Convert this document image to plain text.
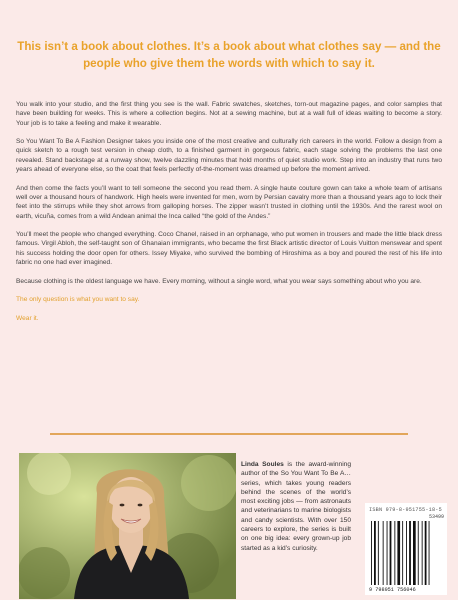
This isn’t a book about clothes. It’s a book about what clothes say — and the people who give them the words with which to say it.

You walk into your studio, and the first thing you see is the wall. Fabric swatches, sketches, torn-out magazine pages, and color samples that have been building for weeks. This is where a collection begins. Not at a sewing machine, but at a wall full of ideas waiting to become a story. Your job is to take a feeling and make it wearable.

So You Want To Be A Fashion Designer takes you inside one of the most creative and culturally rich careers in the world. Follow a design from a quick sketch to a rough test version in cheap cloth, to a finished garment in gorgeous fabric, each stage solving the problems the last one revealed. Stand backstage at a runway show, twelve dazzling minutes that hold months of quiet studio work. Step into an industry that runs two years ahead of everyone else, so the coat that feels perfectly of-the-moment was dreamed up before the moment arrived.

And then come the facts you’ll want to tell someone the second you read them. A single haute couture gown can take a whole team of artisans well over a thousand hours of handwork. High heels were invented for men, worn by Persian cavalry more than a thousand years ago to lock their feet into the stirrups while they shot arrows from galloping horses. The zipper wasn’t trusted in clothing until the 1930s. And the rarest wool on earth, vicuña, comes from a wild Andean animal the Inca called “the gold of the Andes.”

You’ll meet the people who changed everything. Coco Chanel, raised in an orphanage, who put women in trousers and made the little black dress famous. Virgil Abloh, the self-taught son of Ghanaian immigrants, who became the first Black artistic director of Louis Vuitton menswear and spent his success holding the door open for others. Issey Miyake, who survived the bombing of Hiroshima as a boy and poured the rest of his life into fabric no one had ever imagined.

Because clothing is the oldest language we have. Every morning, without a single word, what you wear says something about who you are.

The only question is what you want to say.

Wear it.

Linda Soules is the award-winning author of the So You Want To Be A… series, which takes young readers behind the scenes of the world’s most exciting jobs — from astronauts and veterinarians to marine biologists and candy scientists. With over 150 careers to explore, the series is built on one big idea: every grown-up job started as a kid’s curiosity.
ISBN 979-8-951755-18-5
9 798951 756046
53499
